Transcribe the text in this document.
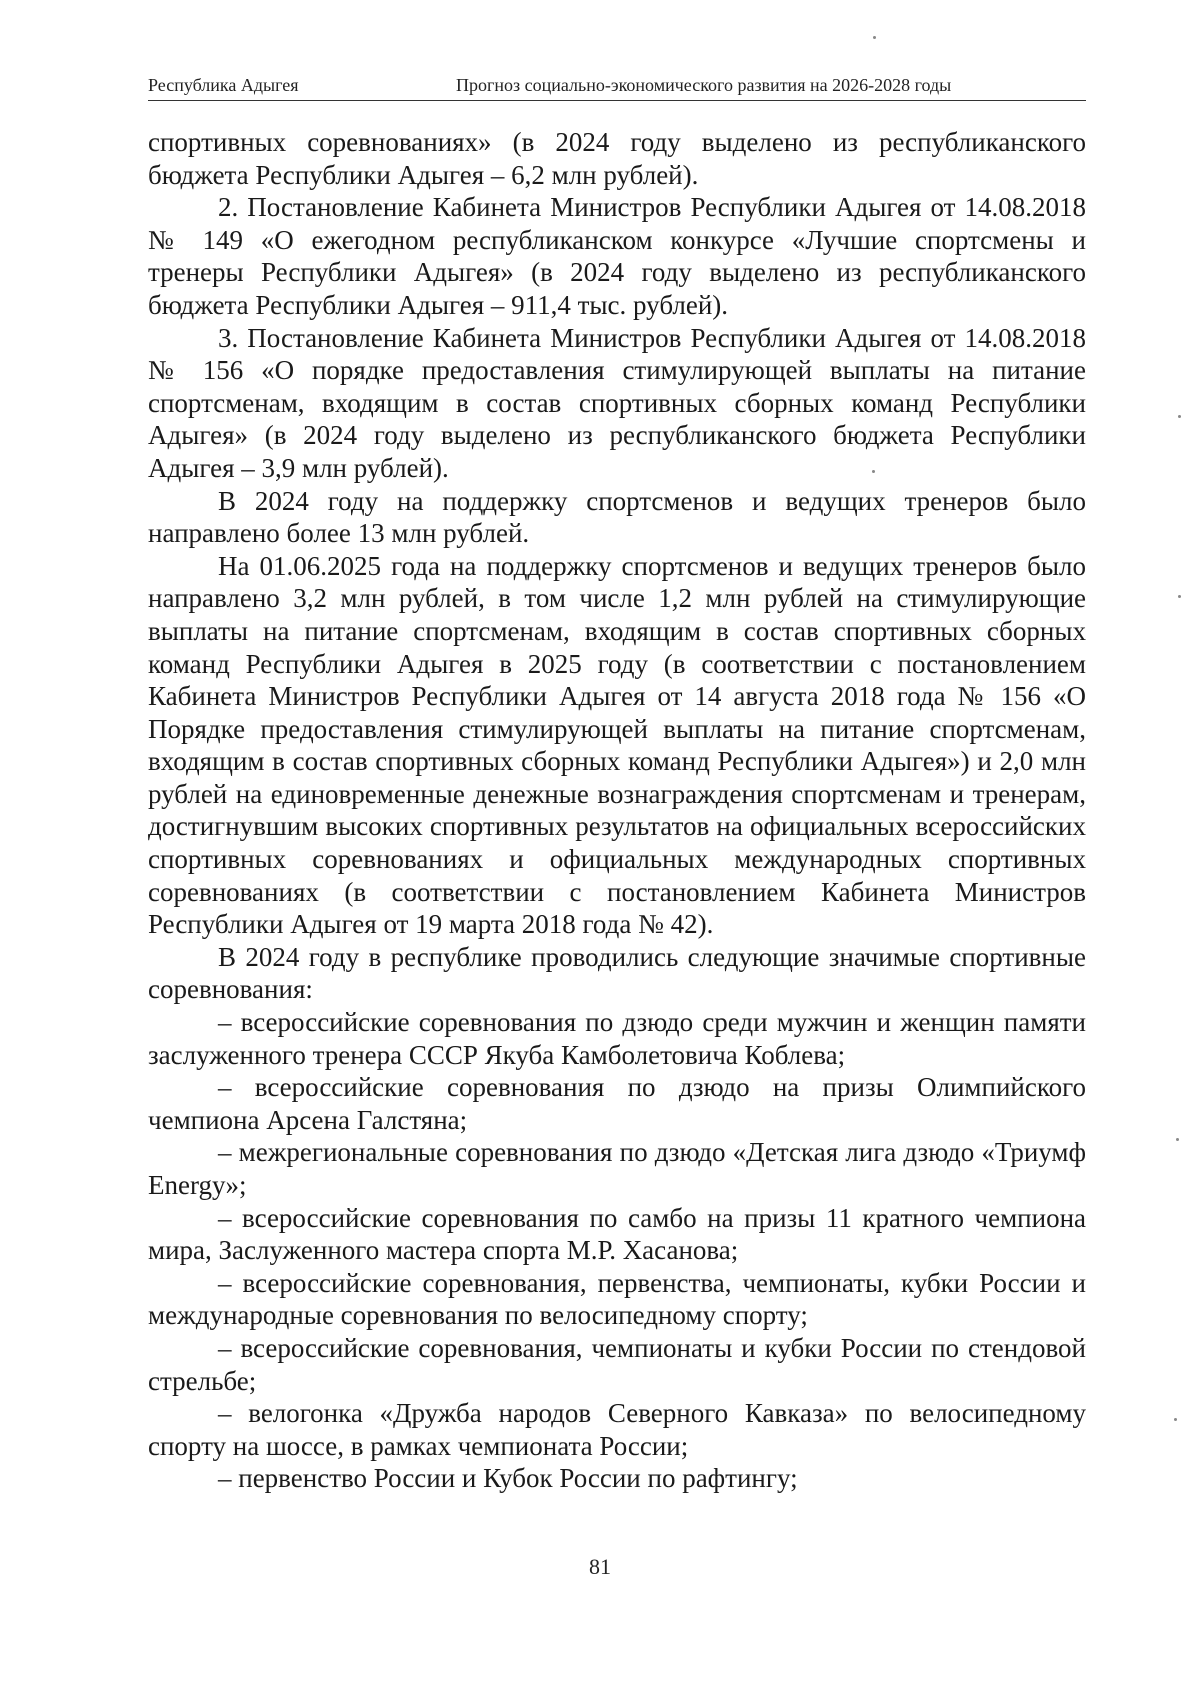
Республика Адыгея	Прогноз социально-экономического развития на 2026-2028 годы

спортивных соревнованиях» (в 2024 году выделено из республиканского бюджета Республики Адыгея – 6,2 млн рублей).

2. Постановление Кабинета Министров Республики Адыгея от 14.08.2018 № 149 «О ежегодном республиканском конкурсе «Лучшие спортсмены и тренеры Республики Адыгея» (в 2024 году выделено из республиканского бюджета Республики Адыгея – 911,4 тыс. рублей).

3. Постановление Кабинета Министров Республики Адыгея от 14.08.2018 № 156 «О порядке предоставления стимулирующей выплаты на питание спортсменам, входящим в состав спортивных сборных команд Республики Адыгея» (в 2024 году выделено из республиканского бюджета Республики Адыгея – 3,9 млн рублей).

В 2024 году на поддержку спортсменов и ведущих тренеров было направлено более 13 млн рублей.

На 01.06.2025 года на поддержку спортсменов и ведущих тренеров было направлено 3,2 млн рублей, в том числе 1,2 млн рублей на стимулирующие выплаты на питание спортсменам, входящим в состав спортивных сборных команд Республики Адыгея в 2025 году (в соответствии с постановлением Кабинета Министров Республики Адыгея от 14 августа 2018 года № 156 «О Порядке предоставления стимулирующей выплаты на питание спортсменам, входящим в состав спортивных сборных команд Республики Адыгея») и 2,0 млн рублей на единовременные денежные вознаграждения спортсменам и тренерам, достигнувшим высоких спортивных результатов на официальных всероссийских спортивных соревнованиях и официальных международных спортивных соревнованиях (в соответствии с постановлением Кабинета Министров Республики Адыгея от 19 марта 2018 года № 42).

В 2024 году в республике проводились следующие значимые спортивные соревнования:

– всероссийские соревнования по дзюдо среди мужчин и женщин памяти заслуженного тренера СССР Якуба Камболетовича Коблева;

– всероссийские соревнования по дзюдо на призы Олимпийского чемпиона Арсена Галстяна;

– межрегиональные соревнования по дзюдо «Детская лига дзюдо «Триумф Energy»;

– всероссийские соревнования по самбо на призы 11 кратного чемпиона мира, Заслуженного мастера спорта М.Р. Хасанова;

– всероссийские соревнования, первенства, чемпионаты, кубки России и международные соревнования по велосипедному спорту;

– всероссийские соревнования, чемпионаты и кубки России по стендовой стрельбе;

– велогонка «Дружба народов Северного Кавказа» по велосипедному спорту на шоссе, в рамках чемпионата России;

– первенство России и Кубок России по рафтингу;

81
